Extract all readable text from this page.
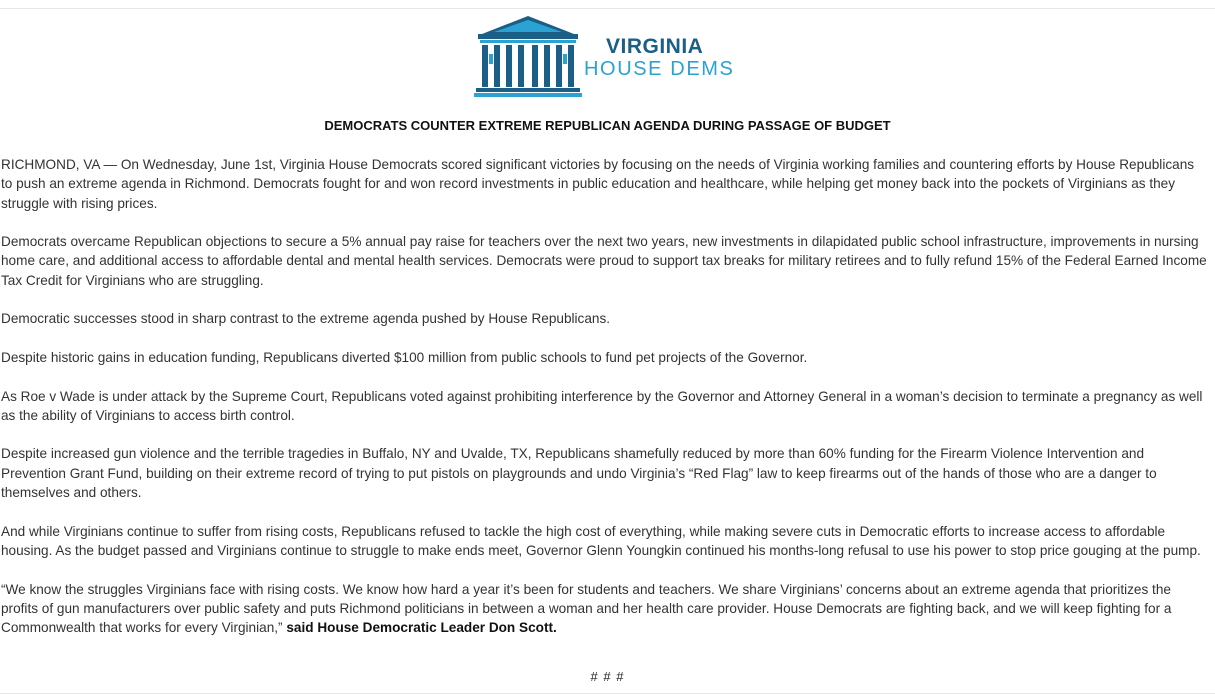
VIRGINIA
HOUSE DEMS
DEMOCRATS COUNTER EXTREME REPUBLICAN AGENDA DURING PASSAGE OF BUDGET

RICHMOND, VA — On Wednesday, June 1st, Virginia House Democrats scored significant victories by focusing on the needs of Virginia working families and countering efforts by House Republicans to push an extreme agenda in Richmond. Democrats fought for and won record investments in public education and healthcare, while helping get money back into the pockets of Virginians as they struggle with rising prices.

Democrats overcame Republican objections to secure a 5% annual pay raise for teachers over the next two years, new investments in dilapidated public school infrastructure, improvements in nursing home care, and additional access to affordable dental and mental health services. Democrats were proud to support tax breaks for military retirees and to fully refund 15% of the Federal Earned Income Tax Credit for Virginians who are struggling.

Democratic successes stood in sharp contrast to the extreme agenda pushed by House Republicans.

Despite historic gains in education funding, Republicans diverted $100 million from public schools to fund pet projects of the Governor.

As Roe v Wade is under attack by the Supreme Court, Republicans voted against prohibiting interference by the Governor and Attorney General in a woman’s decision to terminate a pregnancy as well as the ability of Virginians to access birth control.

Despite increased gun violence and the terrible tragedies in Buffalo, NY and Uvalde, TX, Republicans shamefully reduced by more than 60% funding for the Firearm Violence Intervention and Prevention Grant Fund, building on their extreme record of trying to put pistols on playgrounds and undo Virginia’s “Red Flag” law to keep firearms out of the hands of those who are a danger to themselves and others.

And while Virginians continue to suffer from rising costs, Republicans refused to tackle the high cost of everything, while making severe cuts in Democratic efforts to increase access to affordable housing. As the budget passed and Virginians continue to struggle to make ends meet, Governor Glenn Youngkin continued his months-long refusal to use his power to stop price gouging at the pump.

“We know the struggles Virginians face with rising costs. We know how hard a year it’s been for students and teachers. We share Virginians’ concerns about an extreme agenda that prioritizes the profits of gun manufacturers over public safety and puts Richmond politicians in between a woman and her health care provider. House Democrats are fighting back, and we will keep fighting for a Commonwealth that works for every Virginian,” said House Democratic Leader Don Scott.

# # #
